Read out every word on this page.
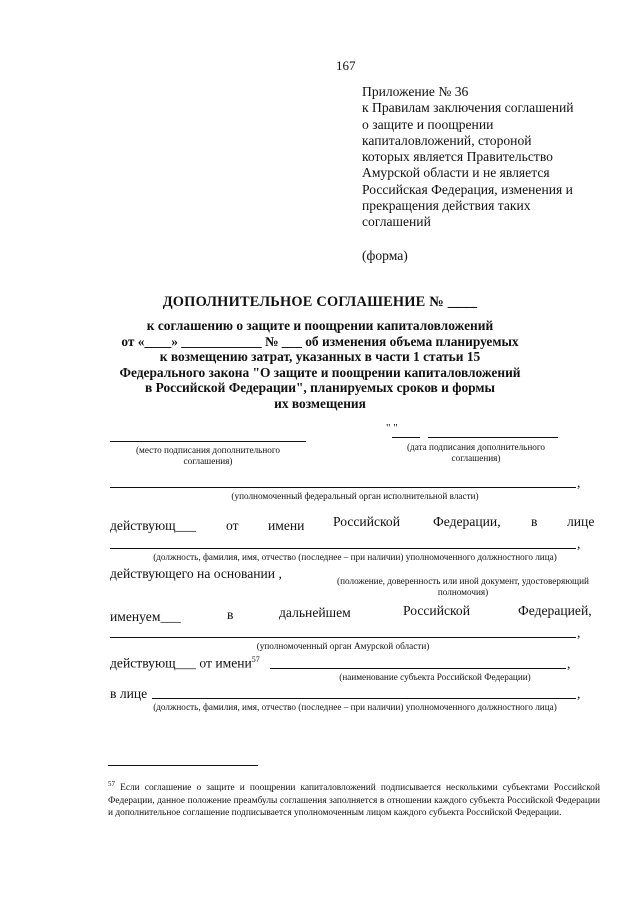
167
Приложение № 36
к Правилам заключения соглашений
о защите и поощрении
капиталовложений, стороной
которых является Правительство
Амурской области и не является
Российская Федерация, изменения и
прекращения действия таких
соглашений
(форма)
ДОПОЛНИТЕЛЬНОЕ СОГЛАШЕНИЕ № ____
к соглашению о защите и поощрении капиталовложений
от «____» ____________ № ___ об изменения объема планируемых
к возмещению затрат, указанных в части 1 статьи 15
Федерального закона "О защите и поощрении капиталовложений
в Российской Федерации", планируемых сроков и формы
их возмещения
(место подписания дополнительного
соглашения)
" "
(дата подписания дополнительного
соглашения)
,
(уполномоченный федеральный орган исполнительной власти)
действующ___ от имени Российской Федерации, в лице
,
(должность, фамилия, имя, отчество (последнее – при наличии) уполномоченного должностного лица)
действующего на основании ,	(положение, доверенность или иной документ, удостоверяющий
полномочия)
именуем___	в	дальнейшем	Российской	Федерацией,
,
(уполномоченный орган Амурской области)
действующ___ от имени$^{57}$	,
(наименование субъекта Российской Федерации)
в лице	,
(должность, фамилия, имя, отчество (последнее – при наличии) уполномоченного должностного лица)
$^{57}$ Если соглашение о защите и поощрении капиталовложений подписывается несколькими субъектами Российской Федерации, данное положение преамбулы соглашения заполняется в отношении каждого субъекта Российской Федерации и дополнительное соглашение подписывается уполномоченным лицом каждого субъекта Российской Федерации.
